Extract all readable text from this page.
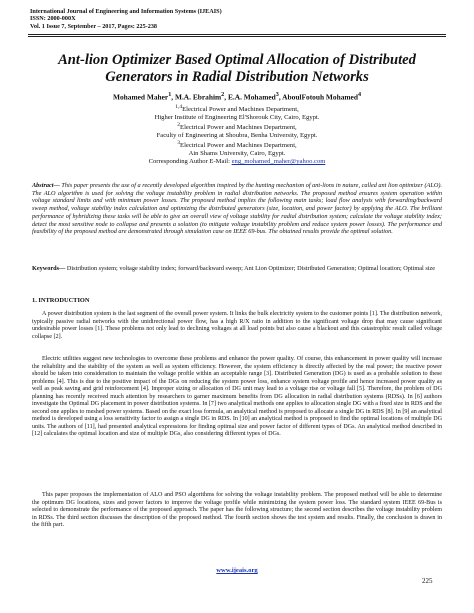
International Journal of Engineering and Information Systems (IJEAIS)
ISSN: 2000-000X
Vol. 1 Issue 7, September – 2017, Pages: 225-238
Ant-lion Optimizer Based Optimal Allocation of Distributed
Generators in Radial Distribution Networks
Mohamed Maher$^1$, M.A. Ebrahim$^2$, E.A. Mohamed$^3$, AboulFotouh Mohamed$^4$
$^{1,4}$Electrical Power and Machines Department,
Higher Institute of Engineering El'Shorouk City, Cairo, Egypt.
$^2$Electrical Power and Machines Department,
Faculty of Engineering at Shoubra, Benha University, Egypt.
$^3$Electrical Power and Machines Department,
Ain Shams University, Cairo, Egypt.
Corresponding Author E-Mail: eng_mohamed_maher@yahoo.com
Abstract— This paper presents the use of a recently developed algorithm inspired by the hunting mechanism of ant-lions in nature, called ant lion optimizer (ALO). The ALO algorithm is used for solving the voltage instability problem in radial distribution networks. The proposed method ensures system operation within voltage standard limits and with minimum power losses. The proposed method implies the following main tasks; load flow analysis with forwarding/backward sweep method, voltage stability index calculation and optimizing the distributed generators (size, location, and power factor) by applying the ALO. The brilliant performance of hybridizing these tasks will be able to give an overall view of voltage stability for radial distribution system; calculate the voltage stability index; detect the most sensitive node to collapse and presents a solution (to mitigate voltage instability problem and reduce system power losses). The performance and feasibility of the proposed method are demonstrated through simulation case on IEEE 69-bus. The obtained results provide the optimal solution.
Keywords— Distribution system; voltage stability index; forward/backward sweep; Ant Lion Optimizer; Distributed Generation; Optimal location; Optimal size
1. INTRODUCTION

A power distribution system is the last segment of the overall power system. It links the bulk electricity system to the customer points [1]. The distribution network, typically passive radial networks with the unidirectional power flow, has a high R/X ratio in addition to the significant voltage drop that may cause significant undesirable power losses [1]. These problems not only lead to declining voltages at all load points but also cause a blackout and this catastrophic result called voltage collapse [2].

Electric utilities suggest new technologies to overcome these problems and enhance the power quality. Of course, this enhancement in power quality will increase the reliability and the stability of the system as well as system efficiency. However, the system efficiency is directly affected by the real power; the reactive power should be taken into consideration to maintain the voltage profile within an acceptable range [3]. Distributed Generation (DG) is used as a probable solution to these problems [4]. This is due to the positive impact of the DGs on reducing the system power loss, enhance system voltage profile and hence increased power quality as well as peak saving and grid reinforcement [4]. Improper sizing or allocation of DG unit may lead to a voltage rise or voltage fall [5]. Therefore, the problem of DG planning has recently received much attention by researchers to garner maximum benefits from DG allocation in radial distribution systems (RDSs). In [6] authors investigate the Optimal DG placement in power distribution systems. In [7] two analytical methods one applies to allocation single DG with a fixed size in RDS and the second one applies to meshed power systems. Based on the exact loss formula, an analytical method is proposed to allocate a single DG in RDS [8]. In [9] an analytical method is developed using a loss sensitivity factor to assign a single DG in RDS. In [10] an analytical method is proposed to find the optimal locations of multiple DG units. The authors of [11], had presented analytical expressions for finding optimal size and power factor of different types of DGs. An analytical method described in [12] calculates the optimal location and size of multiple DGs, also considering different types of DGs.

This paper proposes the implementation of ALO and PSO algorithms for solving the voltage instability problem. The proposed method will be able to determine the optimum DG locations, sizes and power factors to improve the voltage profile while minimizing the system power loss. The standard system IEEE 69-Bus is selected to demonstrate the performance of the proposed approach. The paper has the following structure; the second section describes the voltage instability problem in RDSs. The third section discusses the description of the proposed method. The fourth section shows the test system and results. Finally, the conclusion is drawn in the fifth part.

www.ijeais.org
225
